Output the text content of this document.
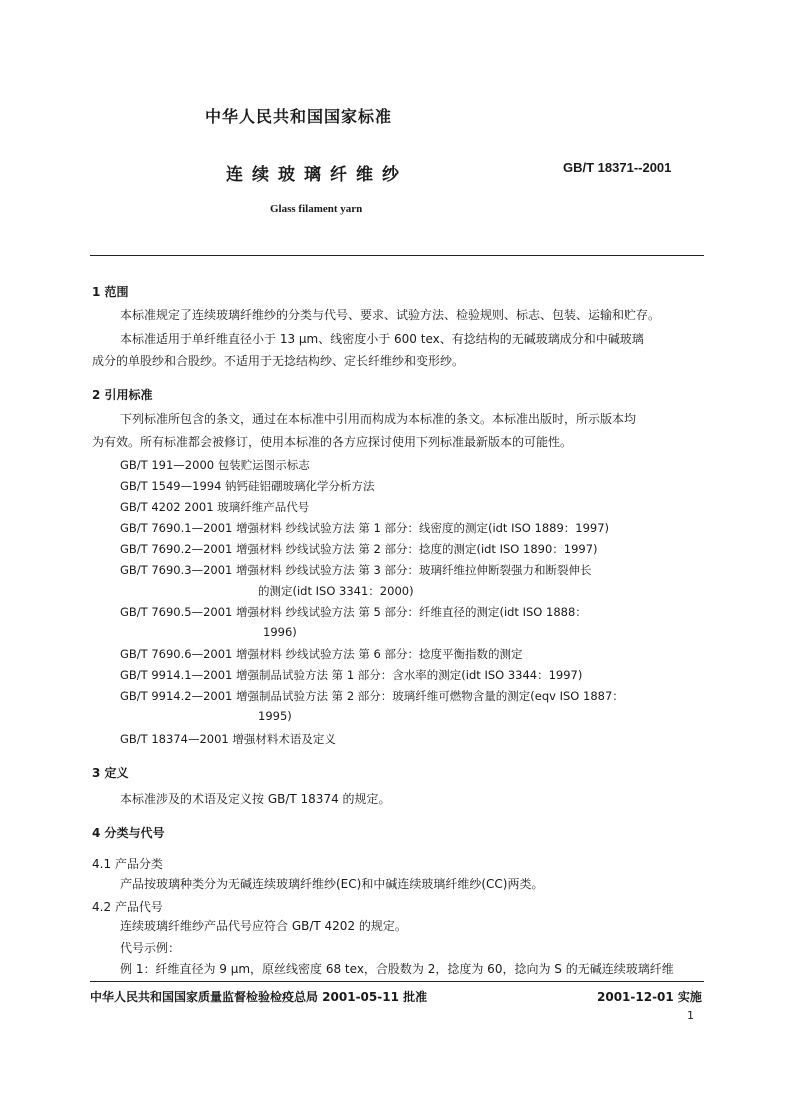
中华人民共和国国家标准
连续玻璃纤维纱	GB/T 18371--2001
Glass filament yarn
1 范围
本标准规定了连续玻璃纤维纱的分类与代号、要求、试验方法、检验规则、标志、包装、运输和贮存。
本标准适用于单纤维直径小于 13 μm、线密度小于 600 tex、有捻结构的无碱玻璃成分和中碱玻璃
成分的单股纱和合股纱。不适用于无捻结构纱、定长纤维纱和变形纱。
2 引用标准
下列标准所包含的条文，通过在本标准中引用而构成为本标准的条文。本标准出版时，所示版本均
为有效。所有标准都会被修订，使用本标准的各方应探讨使用下列标准最新版本的可能性。
GB/T 191—2000 包装贮运图示标志
GB/T 1549—1994 钠钙硅铝硼玻璃化学分析方法
GB/T 4202 2001 玻璃纤维产品代号
GB/T 7690.1—2001 增强材料 纱线试验方法 第 1 部分：线密度的测定(idt ISO 1889：1997)
GB/T 7690.2—2001 增强材料 纱线试验方法 第 2 部分：捻度的测定(idt ISO 1890：1997)
GB/T 7690.3—2001 增强材料 纱线试验方法 第 3 部分：玻璃纤维拉伸断裂强力和断裂伸长
的测定(idt ISO 3341：2000)
GB/T 7690.5—2001 增强材料 纱线试验方法 第 5 部分：纤维直径的测定(idt ISO 1888：
1996)
GB/T 7690.6—2001 增强材料 纱线试验方法 第 6 部分：捻度平衡指数的测定
GB/T 9914.1—2001 增强制品试验方法 第 1 部分：含水率的测定(idt ISO 3344：1997)
GB/T 9914.2—2001 增强制品试验方法 第 2 部分：玻璃纤维可燃物含量的测定(eqv ISO 1887：
1995)
GB/T 18374—2001 增强材料术语及定义
3 定义
本标准涉及的术语及定义按 GB/T 18374 的规定。
4 分类与代号
4.1 产品分类
产品按玻璃种类分为无碱连续玻璃纤维纱(EC)和中碱连续玻璃纤维纱(CC)两类。
4.2 产品代号
连续玻璃纤维纱产品代号应符合 GB/T 4202 的规定。
代号示例：
例 1：纤维直径为 9 μm，原丝线密度 68 tex，合股数为 2，捻度为 60，捻向为 S 的无碱连续玻璃纤维
中华人民共和国国家质量监督检验检疫总局 2001-05-11 批准	2001-12-01 实施
1
